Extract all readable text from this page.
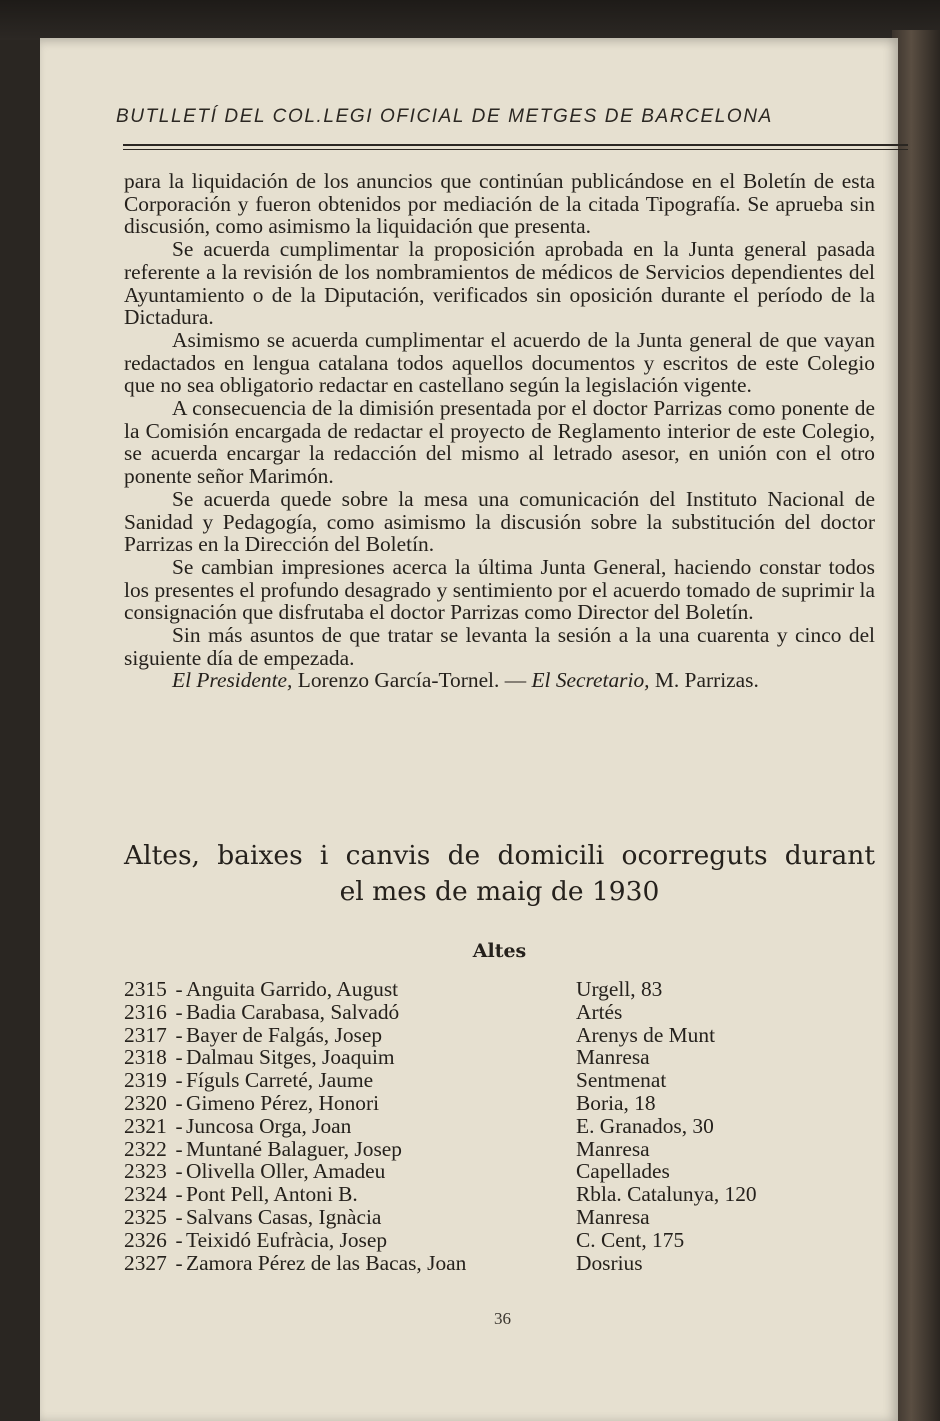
BUTLLETÍ DEL COL.LEGI OFICIAL DE METGES DE BARCELONA

para la liquidación de los anuncios que continúan publicándose en el Boletín de esta Corporación y fueron obtenidos por mediación de la citada Tipografía. Se aprueba sin discusión, como asimismo la liquidación que presenta.

Se acuerda cumplimentar la proposición aprobada en la Junta general pasada referente a la revisión de los nombramientos de médicos de Servicios dependientes del Ayuntamiento o de la Diputación, verificados sin oposición durante el período de la Dictadura.

Asimismo se acuerda cumplimentar el acuerdo de la Junta general de que vayan redactados en lengua catalana todos aquellos documentos y escritos de este Colegio que no sea obligatorio redactar en castellano según la legislación vigente.

A consecuencia de la dimisión presentada por el doctor Parrizas como ponente de la Comisión encargada de redactar el proyecto de Reglamento interior de este Colegio, se acuerda encargar la redacción del mismo al letrado asesor, en unión con el otro ponente señor Marimón.

Se acuerda quede sobre la mesa una comunicación del Instituto Nacional de Sanidad y Pedagogía, como asimismo la discusión sobre la substitución del doctor Parrizas en la Dirección del Boletín.

Se cambian impresiones acerca la última Junta General, haciendo constar todos los presentes el profundo desagrado y sentimiento por el acuerdo tomado de suprimir la consignación que disfrutaba el doctor Parrizas como Director del Boletín.

Sin más asuntos de que tratar se levanta la sesión a la una cuarenta y cinco del siguiente día de empezada.

El Presidente, Lorenzo García-Tornel. — El Secretario, M. Parrizas.

Altes, baixes i canvis de domicili ocorreguts durant
el mes de maig de 1930
Altes
2315 - Anguita Garrido, August	Urgell, 83
2316 - Badia Carabasa, Salvadó	Artés
2317 - Bayer de Falgás, Josep	Arenys de Munt
2318 - Dalmau Sitges, Joaquim	Manresa
2319 - Fíguls Carreté, Jaume	Sentmenat
2320 - Gimeno Pérez, Honori	Boria, 18
2321 - Juncosa Orga, Joan	E. Granados, 30
2322 - Muntané Balaguer, Josep	Manresa
2323 - Olivella Oller, Amadeu	Capellades
2324 - Pont Pell, Antoni B.	Rbla. Catalunya, 120
2325 - Salvans Casas, Ignàcia	Manresa
2326 - Teixidó Eufràcia, Josep	C. Cent, 175
2327 - Zamora Pérez de las Bacas, Joan	Dosrius
36
